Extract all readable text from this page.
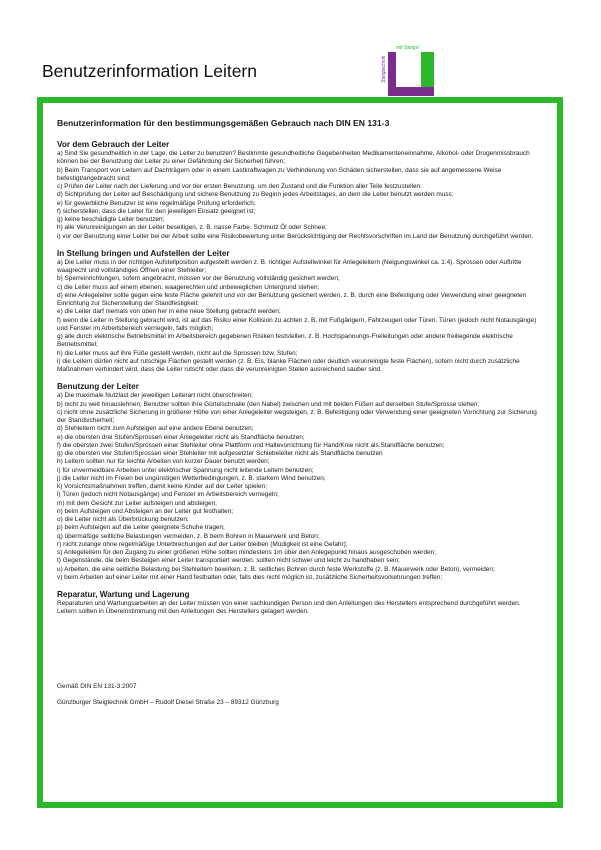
Benutzerinformation Leitern
mit Steigs!
Steigtechnik
Benutzerinformation für den bestimmungsgemäßen Gebrauch nach DIN EN 131-3
Vor dem Gebrauch der Leiter
a) Sind Sie gesundheitlich in der Lage, die Leiter zu benutzen? Bestimmte gesundheitliche Gegebenheiten Medikamenteneinnahme, Alkohol- oder Drogenmissbrauch können bei der Benutzung der Leiter zu einer Gefährdung der Sicherheit führen;
b) Beim Transport von Leitern auf Dachträgern oder in einem Lastkraftwagen zu Verhinderung von Schäden sicherstellen, dass sie auf angemessene Weise befestigt/angebracht sind;
c) Prüfen der Leiter nach der Lieferung und vor der ersten Benutzung. um den Zustand und die Funktion aller Teile festzustellen:
d) Sichtprüfung der Leiter auf Beschädigung und sichere Benutzung zu Beginn jedes Arbeitstages, an dem die Leiter benutzt werden muss;
e) für gewerbliche Benutzer ist eine regelmäßige Prüfung erforderlich;
f) sicherstellen, dass die Leiter für den jeweiligen Einsatz geeignet ist;
g) keine beschädigte Leiter benutzen;
h) alle Verunreinigungen an der Leiter beseitigen, z. B. nasse Farbe. Schmutz Öl oder Schnee;
i) vor der Benutzung einer Leiter bei der Arbeit sollte eine Risikobewertung unter Berücksichtigung der Rechtsvorschriften im Land der Benutzung durchgeführt werden.
In Stellung bringen und Aufstellen der Leiter
a) Die Leiter muss in der richtigen Aufstellposition aufgestellt werden z. B. richtiger Aufstellwinkel für Anlegeleitern (Neigungswinkel ca. 1:4). Sprossen oder Auftritte waagrecht und vollständiges Öffnen einer Stehleiter;
b) Sperreinrichtungen, sofern angebracht, müssen vor der Benutzung vollständig gesichert werden;
c) die Leiter muss auf einem ebenen, waagerechten und unbeweglichen Untergrund stehen;
d) eine Anlegeleiter sollte gegen eine feste Fläche gelehnt und vor der Benutzung gesichert werden, z. B. durch eine Befestigung oder Verwendung einer geeigneten Einrichtung zur Sicherstellung der Standfestigkeit;
e) die Leiter darf niemals von oben her in eine neue Stellung gebracht werden;
f) wenn die Leiter in Stellung gebracht wird, ist auf das Risiko einer Kollision zu achten z. B. mit Fußgängern, Fahrzeugen oder Türen. Türen (jedoch nicht Notausgänge) und Fenster im Arbeitsbereich verriegeln, falls möglich;
g) alle durch elektrische Betriebsmittel im Arbeitsbereich gegebenen Risiken feststellen, z. B. Hochspannungs-Freileitungen oder andere freiliegende elektrische Betriebsmittel;
h) die Leiter muss auf ihre Füße gestellt werden, nicht auf die Sprossen bzw. Stufen;
i) die Leitern dürfen nicht auf rutschige Flächen gestellt werden (z. B. Eis, blanke Flächen oder deutlich verunreinigte feste Flächen), sofern nicht durch zusätzliche Maßnahmen verhindert wird, dass die Leiter rutscht oder dass die verunreinigten Stellen ausreichend sauber sind.
Benutzung der Leiter
a) Die maximale Nutzlast der jeweiligen Leiterart nicht überschreiten;
b) nicht zu weit hinauslehnen; Benutzer sollten ihre Gürtelschnalle (den Nabel) zwischen und mit beiden Füßen auf derselben Stufe/Sprosse stehen;
c) nicht ohne zusätzliche Sicherung in größerer Höhe von einer Anlegeleiter wegsteigen, z. B. Befestigung oder Verwendung einer geeigneten Vorrichtung zur Sicherung der Standsicherheit;
d) Stehleitern nicht zum Aufsteigen auf eine andere Ebene benutzen;
e) die obersten drei Stufen/Sprossen einer Anlegeleiter nicht als Standfläche benutzen;
f) die obersten zwei Stufen/Sprossen einer Stehleiter ohne Plattform und Haltevorrichtung für Hand/Knie nicht als Standfläche benutzen;
g) die obersten vier Stufen/Sprossen einer Stehleiter mit aufgesetzter Schiebeleiter nicht als Standfläche benutzen
h) Leitern sollten nur für leichte Arbeiten von kurzer Dauer benutzt werden;
i) für unvermeidbare Arbeiten unter elektrischer Spannung nicht leitende Leitern benutzen;
j) die Leiter nicht im Freien bei ungünstigen Wetterbedingungen, z. B. starkem Wind benutzen;
k) Vorsichtsmaßnahmen treffen, damit keine Kinder auf der Leiter spielen;
l) Türen (jedoch nicht Notausgänge) und Fenster im Arbeitsbereich verriegeln;
m) mit dem Gesicht zur Leiter aufsteigen und absteigen;
n) beim Aufsteigen und Absteigen an der Leiter gut festhalten;
o) die Leiter nicht als Überbrückung benutzen;
p) beim Aufsteigen auf die Leiter geeignete Schuhe tragen;
q) übermäßige seitliche Belastungen vermeiden, z. B beim Bohren in Mauerwerk und Beton;
r) nicht zulange ohne regelmäßige Unterbrechungen auf der Leiter bleiben (Müdigkeit ist eine Gefahr);
s) Anlegeleitern für den Zugang zu einer größeren Höhe sollten mindestens 1m über den Anlegepunkt hinaus ausgeschoben werden;
t) Gegenstände, die beim Besteigen einer Leiter transportiert werden. sollten nicht schwer und leicht zu handhaben sein;
u) Arbeiten, die eine seitliche Belastung bei Stehleitern bewirken, z. B. seitliches Bohren durch feste Werkstoffe (z. B. Mauerwerk oder Beton), vermeiden;
v) beim Arbeiten auf einer Leiter mit einer Hand festhalten oder, falls dies nicht möglich ist, zusätzliche Sicherheitsvorkehrungen treffen;
Reparatur, Wartung und Lagerung
Reparaturen und Wartungsarbeiten an der Leiter müssen von einer sachkundigen Person und den Anleitungen des Herstellers entsprechend durchgeführt werden.
Leitern sollten in Übereinstimmung mit den Anleitungen des Herstellers gelagert werden.
Gemäß DIN EN 131-3:2007
Günzburger Steigtechnik GmbH – Rudolf Diesel Straße 23 – 89312 Günzburg
